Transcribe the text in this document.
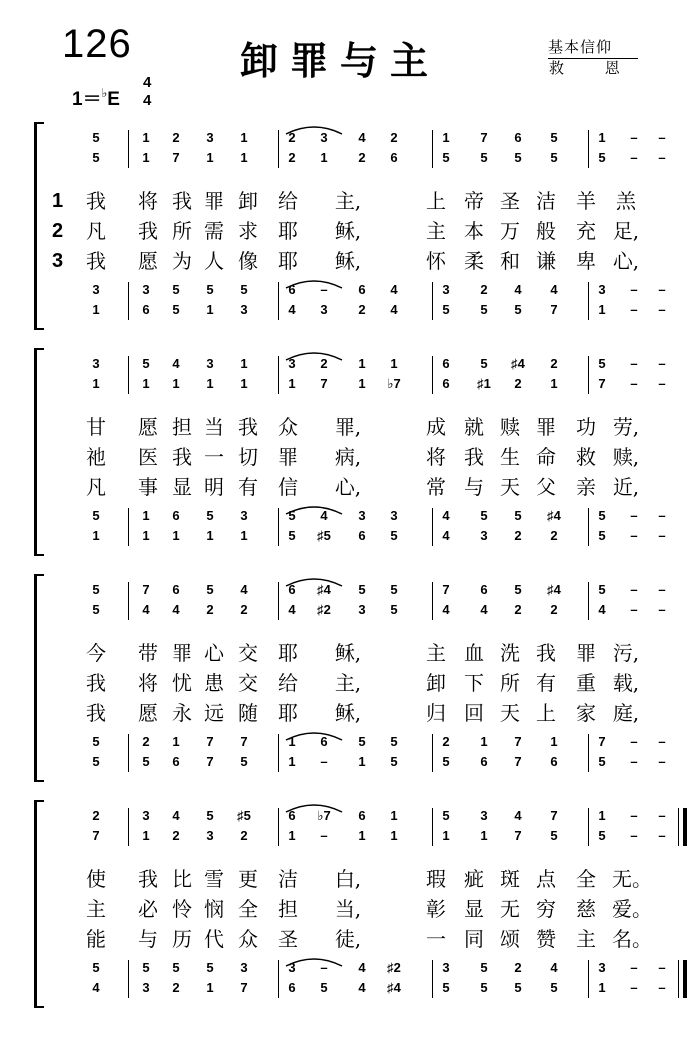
126	卸罪与主	基本信仰
救 恩
1＝♭E
4
4
5	1	2	3	1	2	3	4	2	1	7	6	5	1	–	–
5	1	7	1	1	2	1	2	6	5	5	5	5	5	–	–
1 我 将 我 罪 卸 给 主,	上 帝 圣 洁 羊 羔
2 凡 我 所 需 求 耶 稣,	主 本 万 般 充 足,
3 我 愿 为 人 像 耶 稣,	怀 柔 和 谦 卑 心,
3	3	5	5	5	6	–	6	4	3	2	4	4	3	–	–
1	6	5	1	3	4	3	2	4	5	5	5	7	1	–	–
3	5	4	3	1	3	2	1	1	6	5	♯4	2	5	–	–
1	1	1	1	1	1	7	1	♭7	6	♯1	2	1	7	–	–
甘 愿 担 当 我 众 罪,	成 就 赎 罪 功 劳,
祂 医 我 一 切 罪 病,	将 我 生 命 救 赎,
凡 事 显 明 有 信 心,	常 与 天 父 亲 近,
5	1	6	5	3	5	4	3	3	4	5	5	♯4	5	–	–
1	1	1	1	1	5	♯5	6	5	4	3	2	2	5	–	–
5	7	6	5	4	6	♯4	5	5	7	6	5	♯4	5	–	–
5	4	4	2	2	4	♯2	3	5	4	4	2	2	4	–	–
今 带 罪 心 交 耶 稣,	主 血 洗 我 罪 污,
我 将 忧 患 交 给 主,	卸 下 所 有 重 载,
我 愿 永 远 随 耶 稣,	归 回 天 上 家 庭,
5	2	1	7	7	1	6	5	5	2	1	7	1	7	–	–
5	5	6	7	5	1	–	1	5	5	6	7	6	5	–	–
2	3	4	5	♯5	6	♭7	6	1	5	3	4	7	1	–	–
7	1	2	3	2	1	–	1	1	1	1	7	5	5	–	–
使 我 比 雪 更 洁 白,	瑕 疵 斑 点 全 无。
主 必 怜 悯 全 担 当,	彰 显 无 穷 慈 爱。
能 与 历 代 众 圣 徒,	一 同 颂 赞 主 名。
5	5	5	5	3	3	–	4	♯2	3	5	2	4	3	–	–
4	3	2	1	7	6	5	4	♯4	5	5	5	5	1	–	–
